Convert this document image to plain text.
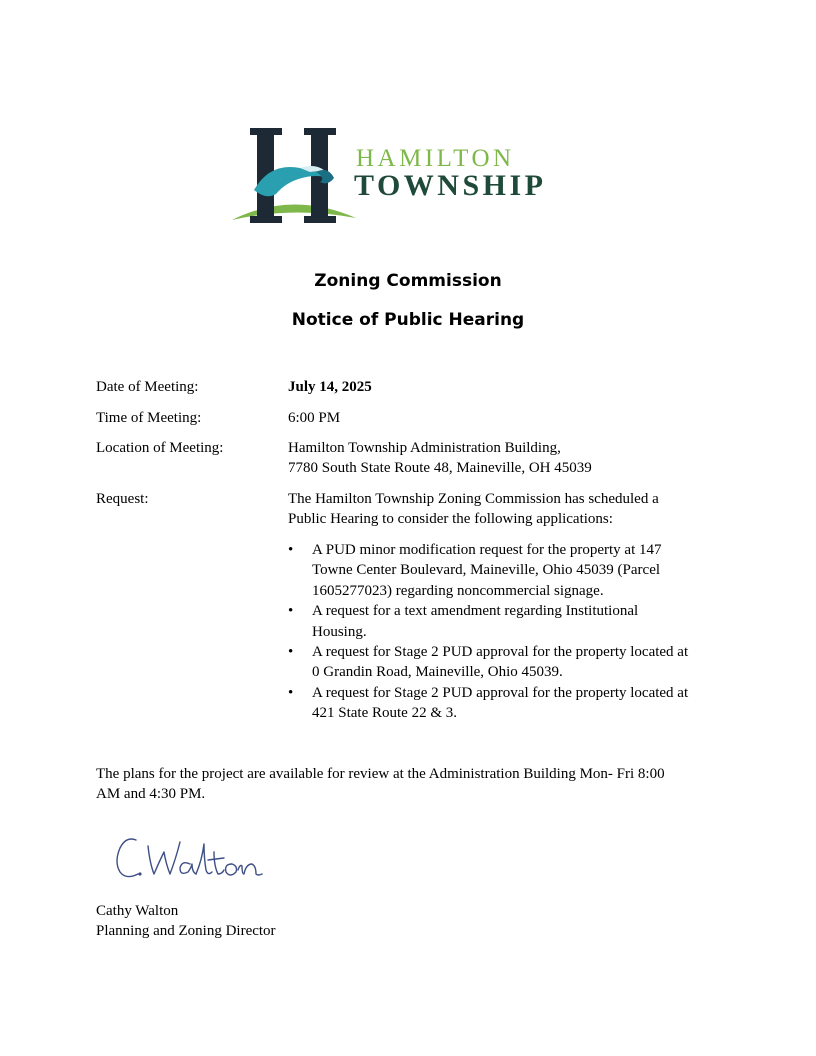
HAMILTON
TOWNSHIP
Zoning Commission
Notice of Public Hearing
Date of Meeting:	July 14, 2025
Time of Meeting:	6:00 PM
Location of Meeting:	Hamilton Township Administration Building,
7780 South State Route 48, Maineville, OH 45039
Request:	The Hamilton Township Zoning Commission has scheduled a
Public Hearing to consider the following applications:
• A PUD minor modification request for the property at 147
Towne Center Boulevard, Maineville, Ohio 45039 (Parcel
1605277023) regarding noncommercial signage.
• A request for a text amendment regarding Institutional
Housing.
• A request for Stage 2 PUD approval for the property located at
0 Grandin Road, Maineville, Ohio 45039.
• A request for Stage 2 PUD approval for the property located at
421 State Route 22 & 3.
The plans for the project are available for review at the Administration Building Mon- Fri 8:00
AM and 4:30 PM.
Cathy Walton
Planning and Zoning Director
